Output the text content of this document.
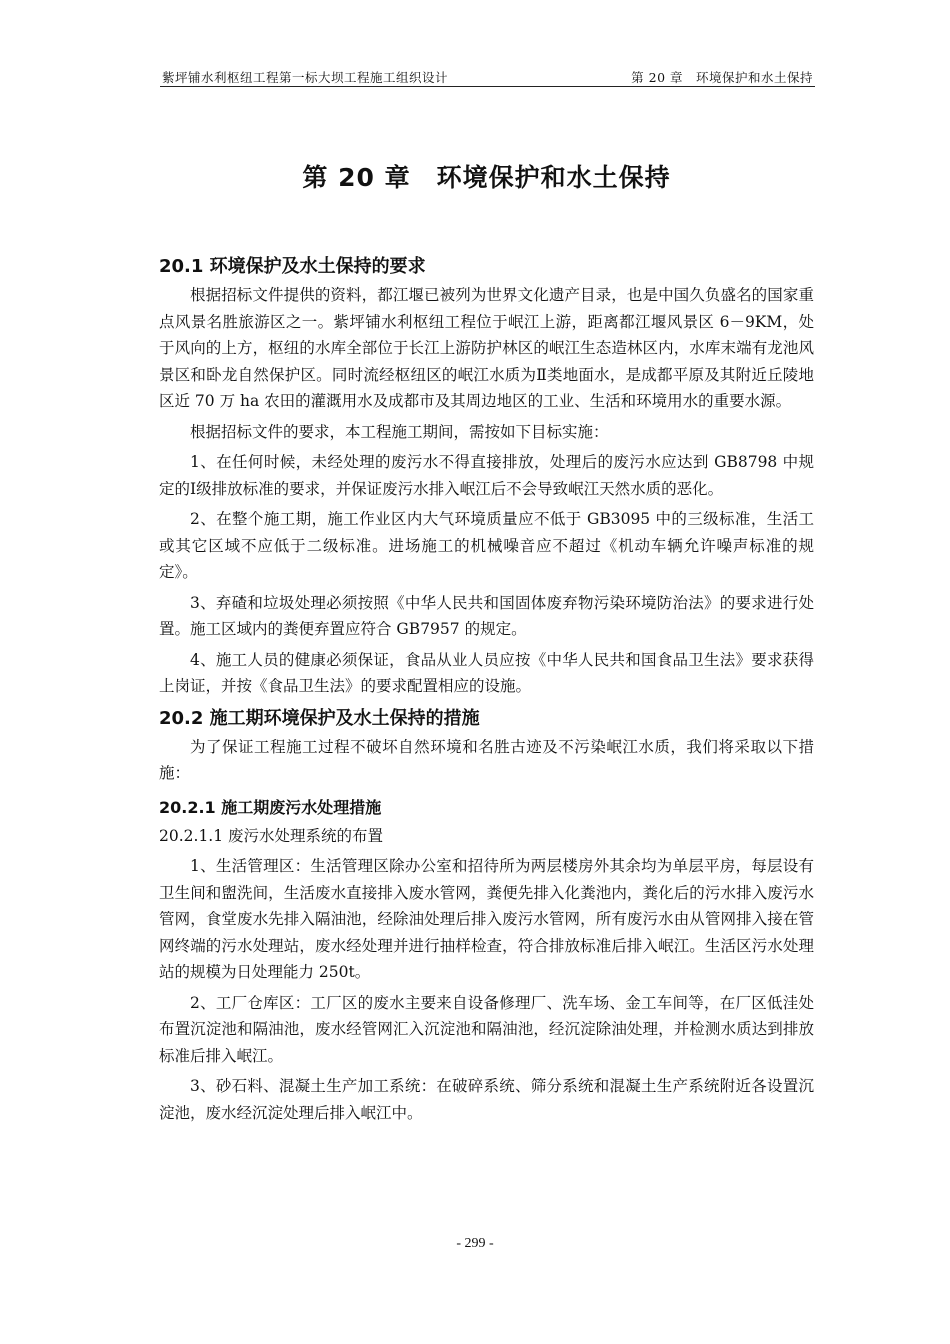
紫坪铺水利枢纽工程第一标大坝工程施工组织设计	第 20 章　环境保护和水土保持
第 20 章　环境保护和水土保持
20.1 环境保护及水土保持的要求

根据招标文件提供的资料，都江堰已被列为世界文化遗产目录，也是中国久负盛名的国家重点风景名胜旅游区之一。紫坪铺水利枢纽工程位于岷江上游，距离都江堰风景区 6－9KM，处于风向的上方，枢纽的水库全部位于长江上游防护林区的岷江生态造林区内，水库末端有龙池风景区和卧龙自然保护区。同时流经枢纽区的岷江水质为Ⅱ类地面水，是成都平原及其附近丘陵地区近 70 万 ha 农田的灌溉用水及成都市及其周边地区的工业、生活和环境用水的重要水源。

根据招标文件的要求，本工程施工期间，需按如下目标实施：

1、在任何时候，未经处理的废污水不得直接排放，处理后的废污水应达到 GB8798 中规定的Ⅰ级排放标准的要求，并保证废污水排入岷江后不会导致岷江天然水质的恶化。

2、在整个施工期，施工作业区内大气环境质量应不低于 GB3095 中的三级标准，生活工或其它区域不应低于二级标准。进场施工的机械噪音应不超过《机动车辆允许噪声标准的规定》。

3、弃碴和垃圾处理必须按照《中华人民共和国固体废弃物污染环境防治法》的要求进行处置。施工区域内的粪便弃置应符合 GB7957 的规定。

4、施工人员的健康必须保证，食品从业人员应按《中华人民共和国食品卫生法》要求获得上岗证，并按《食品卫生法》的要求配置相应的设施。

20.2 施工期环境保护及水土保持的措施

为了保证工程施工过程不破坏自然环境和名胜古迹及不污染岷江水质，我们将采取以下措施：

20.2.1 施工期废污水处理措施

20.2.1.1 废污水处理系统的布置

1、生活管理区：生活管理区除办公室和招待所为两层楼房外其余均为单层平房，每层设有卫生间和盥洗间，生活废水直接排入废水管网，粪便先排入化粪池内，粪化后的污水排入废污水管网，食堂废水先排入隔油池，经除油处理后排入废污水管网，所有废污水由从管网排入接在管网终端的污水处理站，废水经处理并进行抽样检查，符合排放标准后排入岷江。生活区污水处理站的规模为日处理能力 250t。

2、工厂仓库区：工厂区的废水主要来自设备修理厂、洗车场、金工车间等，在厂区低洼处布置沉淀池和隔油池，废水经管网汇入沉淀池和隔油池，经沉淀除油处理，并检测水质达到排放标准后排入岷江。

3、砂石料、混凝土生产加工系统：在破碎系统、筛分系统和混凝土生产系统附近各设置沉淀池，废水经沉淀处理后排入岷江中。

- 299 -
